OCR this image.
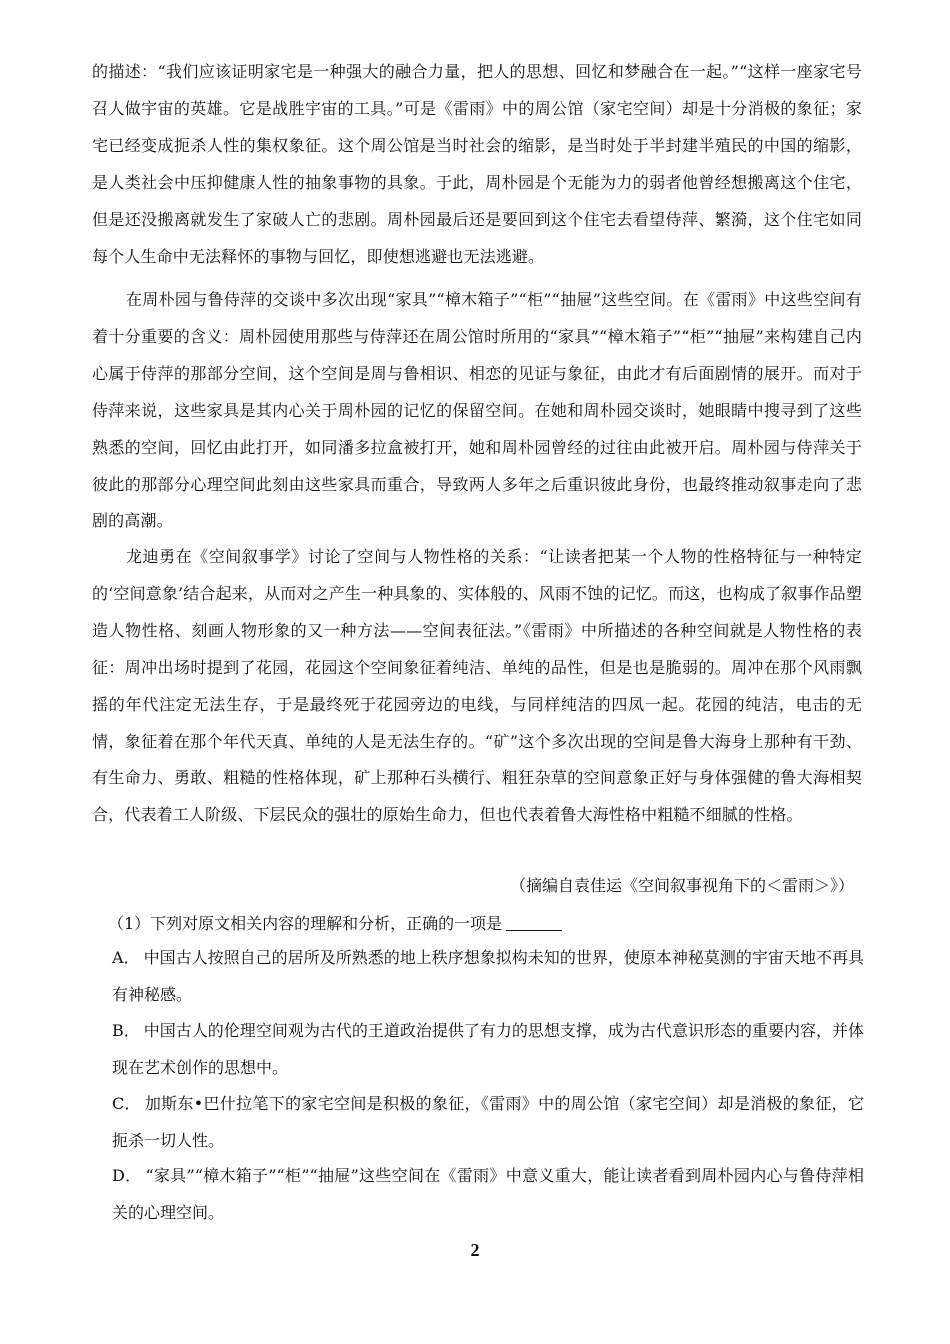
的描述：“我们应该证明家宅是一种强大的融合力量，把人的思想、回忆和梦融合在一起。”“这样一座家宅号召人做宇宙的英雄。它是战胜宇宙的工具。”可是《雷雨》中的周公馆（家宅空间）却是十分消极的象征；家宅已经变成扼杀人性的集权象征。这个周公馆是当时社会的缩影，是当时处于半封建半殖民的中国的缩影，是人类社会中压抑健康人性的抽象事物的具象。于此，周朴园是个无能为力的弱者他曾经想搬离这个住宅，但是还没搬离就发生了家破人亡的悲剧。周朴园最后还是要回到这个住宅去看望侍萍、繁漪，这个住宅如同每个人生命中无法释怀的事物与回忆，即使想逃避也无法逃避。

在周朴园与鲁侍萍的交谈中多次出现“家具”“樟木箱子”“柜”“抽屉”这些空间。在《雷雨》中这些空间有着十分重要的含义：周朴园使用那些与侍萍还在周公馆时所用的“家具”“樟木箱子”“柜”“抽屉”来构建自己内心属于侍萍的那部分空间，这个空间是周与鲁相识、相恋的见证与象征，由此才有后面剧情的展开。而对于侍萍来说，这些家具是其内心关于周朴园的记忆的保留空间。在她和周朴园交谈时，她眼睛中搜寻到了这些熟悉的空间，回忆由此打开，如同潘多拉盒被打开，她和周朴园曾经的过往由此被开启。周朴园与侍萍关于彼此的那部分心理空间此刻由这些家具而重合，导致两人多年之后重识彼此身份，也最终推动叙事走向了悲剧的高潮。

龙迪勇在《空间叙事学》讨论了空间与人物性格的关系：“让读者把某一个人物的性格特征与一种特定的‘空间意象’结合起来，从而对之产生一种具象的、实体般的、风雨不蚀的记忆。而这，也构成了叙事作品塑造人物性格、刻画人物形象的又一种方法——空间表征法。”《雷雨》中所描述的各种空间就是人物性格的表征：周冲出场时提到了花园，花园这个空间象征着纯洁、单纯的品性，但是也是脆弱的。周冲在那个风雨飘摇的年代注定无法生存，于是最终死于花园旁边的电线，与同样纯洁的四凤一起。花园的纯洁，电击的无情，象征着在那个年代天真、单纯的人是无法生存的。“矿”这个多次出现的空间是鲁大海身上那种有干劲、有生命力、勇敢、粗糙的性格体现，矿上那种石头横行、粗狂杂草的空间意象正好与身体强健的鲁大海相契合，代表着工人阶级、下层民众的强壮的原始生命力，但也代表着鲁大海性格中粗糙不细腻的性格。

（摘编自袁佳运《空间叙事视角下的＜雷雨＞》）

（1）下列对原文相关内容的理解和分析，正确的一项是

A． 中国古人按照自己的居所及所熟悉的地上秩序想象拟构未知的世界，使原本神秘莫测的宇宙天地不再具有神秘感。

B． 中国古人的伦理空间观为古代的王道政治提供了有力的思想支撑，成为古代意识形态的重要内容，并体现在艺术创作的思想中。

C． 加斯东•巴什拉笔下的家宅空间是积极的象征，《雷雨》中的周公馆（家宅空间）却是消极的象征，它扼杀一切人性。

D． “家具”“樟木箱子”“柜”“抽屉”这些空间在《雷雨》中意义重大，能让读者看到周朴园内心与鲁侍萍相关的心理空间。

2
